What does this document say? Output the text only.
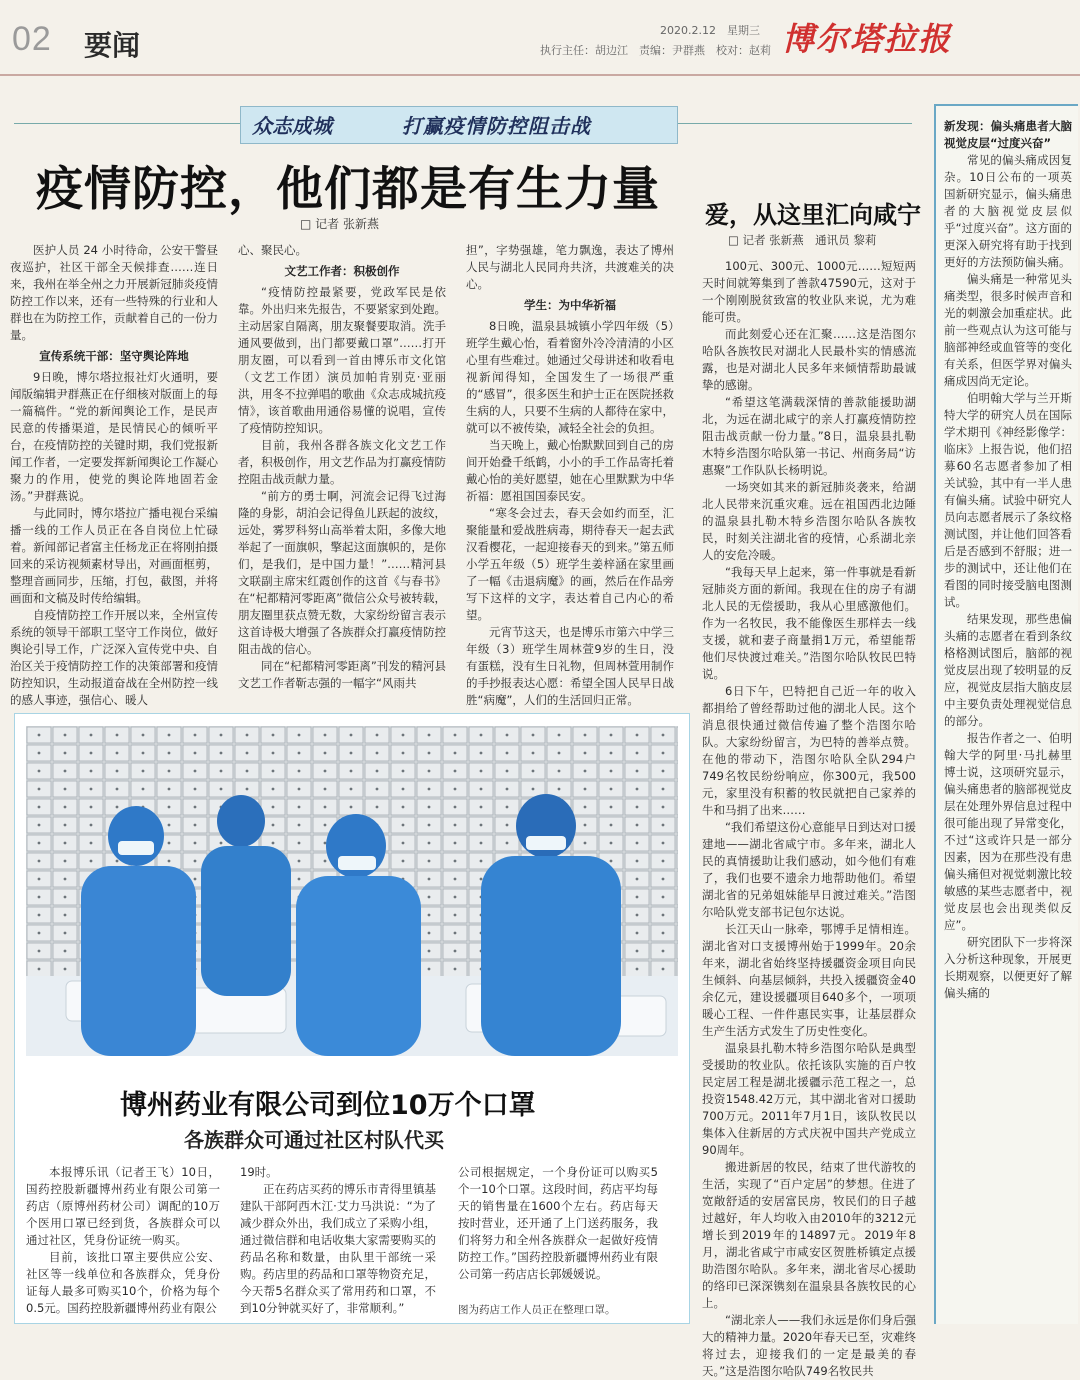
02 要闻	2020.2.12　星期三
执行主任：胡边江　责编：尹群燕　校对：赵莉 博尔塔拉报
众志成城	打赢疫情防控阻击战
疫情防控，他们都是有生力量
□ 记者 张新燕

医护人员 24 小时待命，公安干警昼夜巡护，社区干部全天候排查……连日来，我州在举全州之力开展新冠肺炎疫情防控工作以来，还有一些特殊的行业和人群也在为防控工作，贡献着自己的一份力量。

宣传系统干部：坚守舆论阵地

9日晚，博尔塔拉报社灯火通明，要闻版编辑尹群燕正在仔细核对版面上的每一篇稿件。“党的新闻舆论工作，是民声民意的传播渠道，是民情民心的倾听平台，在疫情防控的关键时期，我们党报新闻工作者，一定要发挥新闻舆论工作凝心聚力的作用，使党的舆论阵地固若金汤。”尹群燕说。

与此同时，博尔塔拉广播电视台采编播一线的工作人员正在各自岗位上忙碌着。新闻部记者富主任杨龙正在将刚拍摄回来的采访视频素材导出，对画面框剪，整理音画同步，压缩，打包，截图，并将画面和文稿及时传给编辑。

自疫情防控工作开展以来，全州宣传系统的领导干部职工坚守工作岗位，做好舆论引导工作，广泛深入宣传党中央、自治区关于疫情防控工作的决策部署和疫情防控知识，生动报道奋战在全州防控一线的感人事迹，强信心、暖人

心、聚民心。

文艺工作者：积极创作

“疫情防控最紧要，党政军民是依靠。外出归来先报告，不要紧家到处跑。主动居家自隔离，朋友聚餐要取消。洗手通风要做到，出门都要戴口罩”……打开朋友圈，可以看到一首由博乐市文化馆（文艺工作团）演员加帕肯别克·亚丽洪，用冬不拉弹唱的歌曲《众志成城抗疫情》，该首歌曲用通俗易懂的说唱，宣传了疫情防控知识。

目前，我州各群各族文化文艺工作者，积极创作，用文艺作品为打赢疫情防控阻击战贡献力量。

“前方的勇士啊，河流会记得飞过海隆的身影，胡泊会记得鱼儿跃起的波纹，远处，雾罗科努山高举着太阳，多像大地举起了一面旗帜，擎起这面旗帜的，是你们，是我们，是中国力量！”……精河县文联副主席宋红霞创作的这首《与春书》在“杞都精河零距离”微信公众号被转载，朋友圈里获点赞无数，大家纷纷留言表示这首诗极大增强了各族群众打赢疫情防控阻击战的信心。

同在“杞都精河零距离”刊发的精河县文艺工作者靳志强的一幅字“风雨共

担”，字势强雄，笔力飘逸，表达了博州人民与湖北人民同舟共济，共渡难关的决心。

学生：为中华祈福

8日晚，温泉县城镇小学四年级（5）班学生戴心怡，看着窗外冷冷清清的小区心里有些难过。她通过父母讲述和收看电视新闻得知，全国发生了一场很严重的“感冒”，很多医生和护士正在医院拯救生病的人，只要不生病的人都待在家中，就可以不被传染，减轻全社会的负担。

当天晚上，戴心怡默默回到自己的房间开始叠千纸鹤，小小的手工作品寄托着戴心怡的美好愿望，她在心里默默为中华祈福：愿祖国国泰民安。

“寒冬会过去，春天会如约而至，汇聚能量和爱战胜病毒，期待春天一起去武汉看樱花，一起迎接春天的到来。”第五师小学五年级（5）班学生姜梓涵在家里画了一幅《击退病魔》的画，然后在作品旁写下这样的文字，表达着自己内心的希望。

元宵节这天，也是博乐市第六中学三年级（3）班学生周林萱9岁的生日，没有蛋糕，没有生日礼物，但周林萱用制作的手抄报表达心愿：希望全国人民早日战胜“病魔”，人们的生活回归正常。

爱，从这里汇向咸宁
□ 记者 张新燕　通讯员 黎莉

100元、300元、1000元……短短两天时间就筹集到了善款47590元，这对于一个刚刚脱贫致富的牧业队来说，尤为难能可贵。

而此刻爱心还在汇聚……这是浩图尔哈队各族牧民对湖北人民最朴实的情感流露，也是对湖北人民多年来倾情帮助最诚挚的感谢。

“希望这笔满载深情的善款能援助湖北，为远在湖北咸宁的亲人打赢疫情防控阻击战贡献一份力量。”8日，温泉县扎勒木特乡浩图尔哈队第一书记、州商务局“访惠聚”工作队队长杨明说。

一场突如其来的新冠肺炎袭来，给湖北人民带来沉重灾难。远在祖国西北边陲的温泉县扎勒木特乡浩图尔哈队各族牧民，时刻关注湖北省的疫情，心系湖北亲人的安危冷暖。

“我每天早上起来，第一件事就是看新冠肺炎方面的新闻。我现在住的房子有湖北人民的无偿援助，我从心里感激他们。作为一名牧民，我不能像医生那样去一线支援，就和妻子商量捐1万元，希望能帮他们尽快渡过难关。”浩图尔哈队牧民巴特说。

6日下午，巴特把自己近一年的收入都捐给了曾经帮助过他的湖北人民。这个消息很快通过微信传遍了整个浩图尔哈队。大家纷纷留言，为巴特的善举点赞。在他的带动下，浩图尔哈队全队294户749名牧民纷纷响应，你300元，我500元，家里没有积蓄的牧民就把自己家养的牛和马捐了出来……

“我们希望这份心意能早日到达对口援建地——湖北省咸宁市。多年来，湖北人民的真情援助让我们感动，如今他们有难了，我们也要不遗余力地帮助他们。希望湖北省的兄弟姐妹能早日渡过难关。”浩图尔哈队党支部书记包尔达说。

长江天山一脉牵，鄂博手足情相连。湖北省对口支援博州始于1999年。20余年来，湖北省始终坚持援疆资金项目向民生倾斜、向基层倾斜，共投入援疆资金40余亿元，建设援疆项目640多个，一项项暖心工程、一件件惠民实事，让基层群众生产生活方式发生了历史性变化。

温泉县扎勒木特乡浩图尔哈队是典型受援助的牧业队。依托该队实施的百户牧民定居工程是湖北援疆示范工程之一，总投资1548.42万元，其中湖北省对口援助700万元。2011年7月1日，该队牧民以集体入住新居的方式庆祝中国共产党成立90周年。

搬进新居的牧民，结束了世代游牧的生活，实现了“百户定居”的梦想。住进了宽敞舒适的安居富民房，牧民们的日子越过越好，年人均收入由2010年的3212元增长到2019年的14897元。2019年8月，湖北省咸宁市咸安区贺胜桥镇定点援助浩图尔哈队。多年来，湖北省尽心援助的络印已深深镌刻在温泉县各族牧民的心上。

“湖北亲人——我们永远是你们身后强大的精神力量。2020年春天已至，灾难终将过去，迎接我们的一定是最美的春天。”这是浩图尔哈队749名牧民共

博州药业有限公司到位10万个口罩
各族群众可通过社区村队代买

本报博乐讯（记者王飞）10日，国药控股新疆博州药业有限公司第一药店（原博州药材公司）调配的10万个医用口罩已经到货，各族群众可以通过社区，凭身份证统一购买。

目前，该批口罩主要供应公安、社区等一线单位和各族群众，凭身份证每人最多可购买10个，价格为每个0.5元。国药控股新疆博州药业有限公

19时。

正在药店买药的博乐市青得里镇基建队干部阿西木江·艾力马洪说：“为了减少群众外出，我们成立了采购小组，通过微信群和电话收集大家需要购买的药品名称和数量，由队里干部统一采购。药店里的药品和口罩等物资充足，今天帮5名群众买了常用药和口罩，不到10分钟就买好了，非常顺利。”

公司根据规定，一个身份证可以购买5个一10个口罩。这段时间，药店平均每天的销售量在1600个左右。药店每天按时营业，还开通了上门送药服务，我们将努力和全州各族群众一起做好疫情防控工作。”国药控股新疆博州药业有限公司第一药店店长郭媛媛说。

图为药店工作人员正在整理口罩。
新发现：偏头痛患者大脑视觉皮层“过度兴奋”

常见的偏头痛成因复杂。10日公布的一项英国新研究显示，偏头痛患者的大脑视觉皮层似乎“过度兴奋”。这方面的更深入研究将有助于找到更好的方法预防偏头痛。

偏头痛是一种常见头痛类型，很多时候声音和光的刺激会加重症状。此前一些观点认为这可能与脑部神经或血管等的变化有关系，但医学界对偏头痛成因尚无定论。

伯明翰大学与兰开斯特大学的研究人员在国际学术期刊《神经影像学：临床》上报告说，他们招募60名志愿者参加了相关试验，其中有一半人患有偏头痛。试验中研究人员向志愿者展示了条纹格测试图，并让他们回答看后是否感到不舒服；进一步的测试中，还让他们在看图的同时接受脑电图测试。

结果发现，那些患偏头痛的志愿者在看到条纹格格测试图后，脑部的视觉皮层出现了较明显的反应，视觉皮层指大脑皮层中主要负责处理视觉信息的部分。

报告作者之一、伯明翰大学的阿里·马扎赫里博士说，这项研究显示，偏头痛患者的脑部视觉皮层在处理外界信息过程中很可能出现了异常变化，不过“这或许只是一部分因素，因为在那些没有患偏头痛但对视觉刺激比较敏感的某些志愿者中，视觉皮层也会出现类似反应”。

研究团队下一步将深入分析这种现象，开展更长期观察，以便更好了解偏头痛的
